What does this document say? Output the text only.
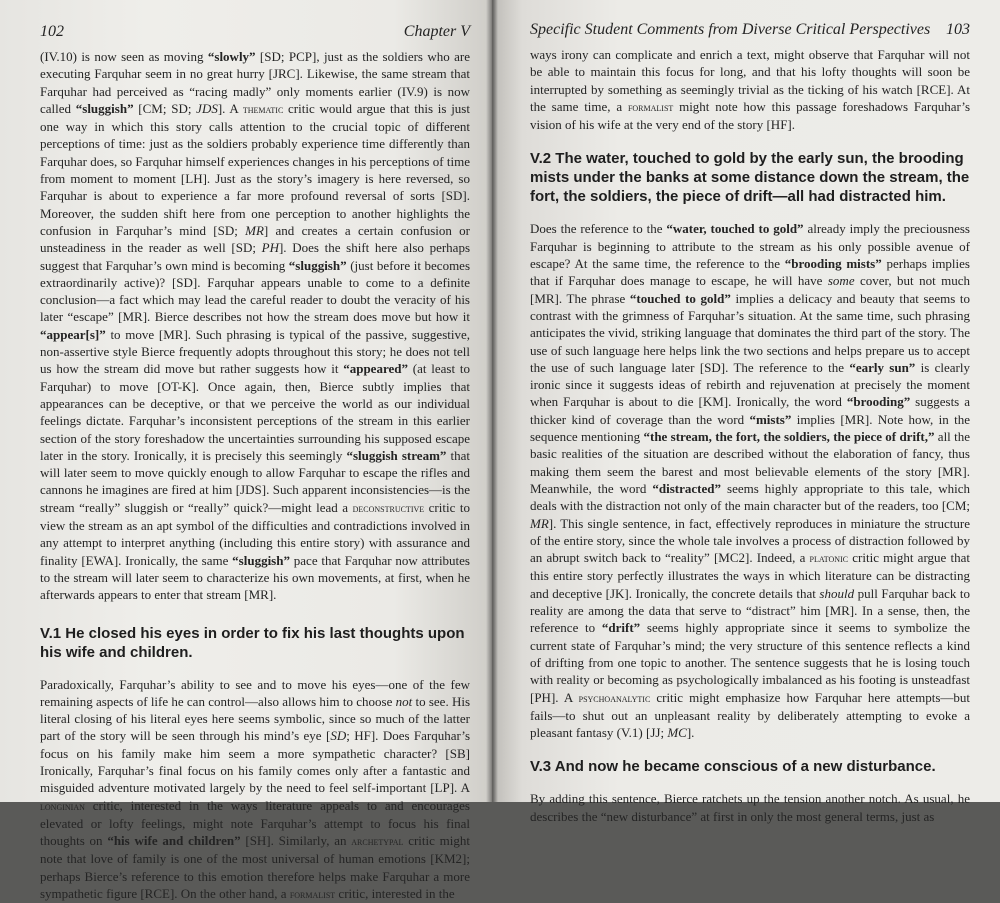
102	Chapter V

(IV.10) is now seen as moving “slowly” [SD; PCP], just as the soldiers who are executing Farquhar seem in no great hurry [JRC]. Likewise, the same stream that Farquhar had perceived as “racing madly” only moments earlier (IV.9) is now called “sluggish” [CM; SD; JDS]. A thematic critic would argue that this is just one way in which this story calls attention to the crucial topic of different perceptions of time: just as the soldiers probably experience time differently than Farquhar does, so Farquhar himself experiences changes in his perceptions of time from moment to moment [LH]. Just as the story’s imagery is here reversed, so Farquhar is about to experience a far more profound reversal of sorts [SD]. Moreover, the sudden shift here from one perception to another highlights the confusion in Farquhar’s mind [SD; MR] and creates a certain confusion or unsteadiness in the reader as well [SD; PH]. Does the shift here also perhaps suggest that Farquhar’s own mind is becoming “sluggish” (just before it becomes extraordinarily active)? [SD]. Farquhar appears unable to come to a definite conclusion—a fact which may lead the careful reader to doubt the veracity of his later “escape” [MR]. Bierce describes not how the stream does move but how it “appear[s]” to move [MR]. Such phrasing is typical of the passive, suggestive, non-assertive style Bierce frequently adopts throughout this story; he does not tell us how the stream did move but rather suggests how it “appeared” (at least to Farquhar) to move [OT-K]. Once again, then, Bierce subtly implies that appearances can be deceptive, or that we perceive the world as our individual feelings dictate. Farquhar’s inconsistent perceptions of the stream in this earlier section of the story foreshadow the uncertainties surrounding his supposed escape later in the story. Ironically, it is precisely this seemingly “sluggish stream” that will later seem to move quickly enough to allow Farquhar to escape the rifles and cannons he imagines are fired at him [JDS]. Such apparent inconsistencies—is the stream “really” sluggish or “really” quick?—might lead a deconstructive critic to view the stream as an apt symbol of the difficulties and contradictions involved in any attempt to interpret anything (including this entire story) with assurance and finality [EWA]. Ironically, the same “sluggish” pace that Farquhar now attributes to the stream will later seem to characterize his own movements, at first, when he afterwards appears to enter that stream [MR].

V.1 He closed his eyes in order to fix his last thoughts upon his wife and children.

Paradoxically, Farquhar’s ability to see and to move his eyes—one of the few remaining aspects of life he can control—also allows him to choose not to see. His literal closing of his literal eyes here seems symbolic, since so much of the latter part of the story will be seen through his mind’s eye [SD; HF]. Does Farquhar’s focus on his family make him seem a more sympathetic character? [SB] Ironically, Farquhar’s final focus on his family comes only after a fantastic and misguided adventure motivated largely by the need to feel self-important [LP]. A longinian critic, interested in the ways literature appeals to and encourages elevated or lofty feelings, might note Farquhar’s attempt to focus his final thoughts on “his wife and children” [SH]. Similarly, an archetypal critic might note that love of family is one of the most universal of human emotions [KM2]; perhaps Bierce’s reference to this emotion therefore helps make Farquhar a more sympathetic figure [RCE]. On the other hand, a formalist critic, interested in the

Specific Student Comments from Diverse Critical Perspectives 103

ways irony can complicate and enrich a text, might observe that Farquhar will not be able to maintain this focus for long, and that his lofty thoughts will soon be interrupted by something as seemingly trivial as the ticking of his watch [RCE]. At the same time, a formalist might note how this passage foreshadows Farquhar’s vision of his wife at the very end of the story [HF].

V.2 The water, touched to gold by the early sun, the brooding mists under the banks at some distance down the stream, the fort, the soldiers, the piece of drift—all had distracted him.

Does the reference to the “water, touched to gold” already imply the preciousness Farquhar is beginning to attribute to the stream as his only possible avenue of escape? At the same time, the reference to the “brooding mists” perhaps implies that if Farquhar does manage to escape, he will have some cover, but not much [MR]. The phrase “touched to gold” implies a delicacy and beauty that seems to contrast with the grimness of Farquhar’s situation. At the same time, such phrasing anticipates the vivid, striking language that dominates the third part of the story. The use of such language here helps link the two sections and helps prepare us to accept the use of such language later [SD]. The reference to the “early sun” is clearly ironic since it suggests ideas of rebirth and rejuvenation at precisely the moment when Farquhar is about to die [KM]. Ironically, the word “brooding” suggests a thicker kind of coverage than the word “mists” implies [MR]. Note how, in the sequence mentioning “the stream, the fort, the soldiers, the piece of drift,” all the basic realities of the situation are described without the elaboration of fancy, thus making them seem the barest and most believable elements of the story [MR]. Meanwhile, the word “distracted” seems highly appropriate to this tale, which deals with the distraction not only of the main character but of the readers, too [CM; MR]. This single sentence, in fact, effectively reproduces in miniature the structure of the entire story, since the whole tale involves a process of distraction followed by an abrupt switch back to “reality” [MC2]. Indeed, a platonic critic might argue that this entire story perfectly illustrates the ways in which literature can be distracting and deceptive [JK]. Ironically, the concrete details that should pull Farquhar back to reality are among the data that serve to “distract” him [MR]. In a sense, then, the reference to “drift” seems highly appropriate since it seems to symbolize the current state of Farquhar’s mind; the very structure of this sentence reflects a kind of drifting from one topic to another. The sentence suggests that he is losing touch with reality or becoming as psychologically imbalanced as his footing is unsteadfast [PH]. A psychoanalytic critic might emphasize how Farquhar here attempts—but fails—to shut out an unpleasant reality by deliberately attempting to evoke a pleasant fantasy (V.1) [JJ; MC].

V.3 And now he became conscious of a new disturbance.

By adding this sentence, Bierce ratchets up the tension another notch. As usual, he describes the “new disturbance” at first in only the most general terms, just as
